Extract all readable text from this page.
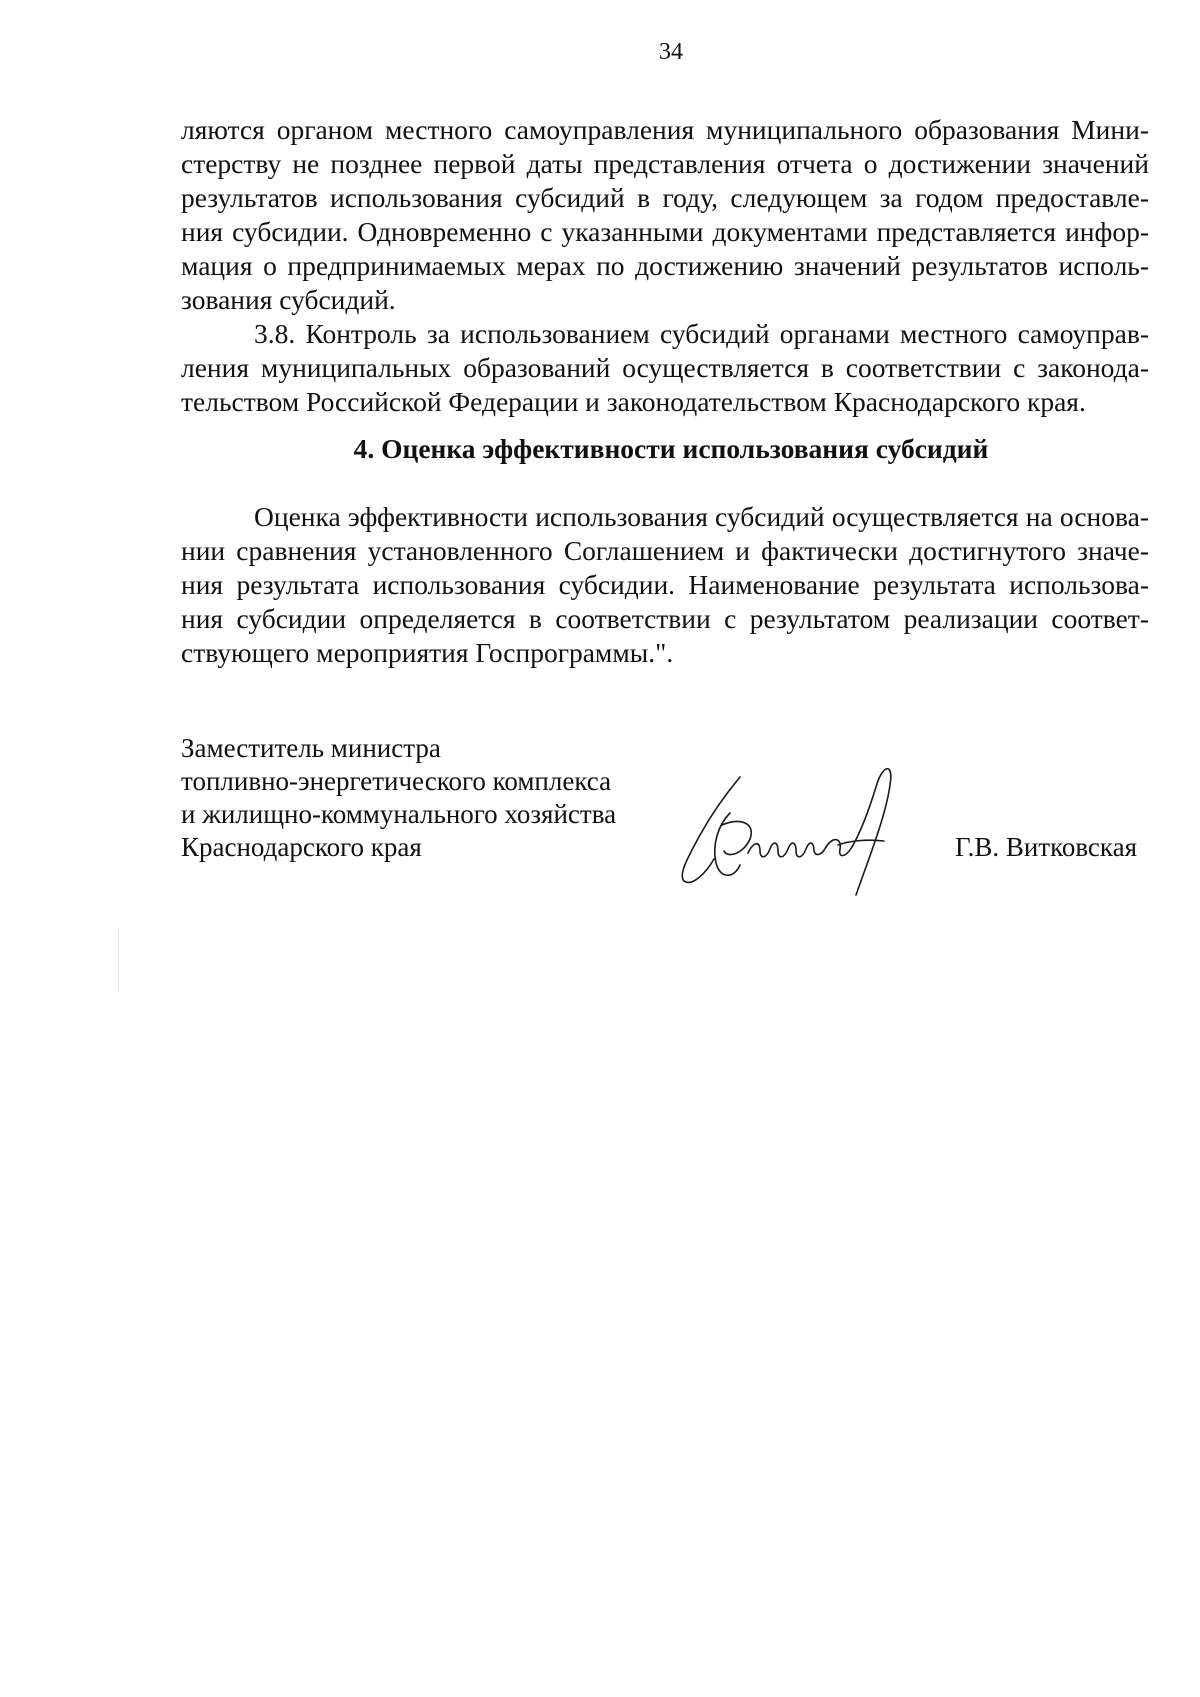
34
ляются органом местного самоуправления муниципального образования Мини-
стерству не позднее первой даты представления отчета о достижении значений
результатов использования субсидий в году, следующем за годом предоставле-
ния субсидии. Одновременно с указанными документами представляется инфор-
мация о предпринимаемых мерах по достижению значений результатов исполь-
зования субсидий.
3.8. Контроль за использованием субсидий органами местного самоуправ-
ления муниципальных образований осуществляется в соответствии с законода-
тельством Российской Федерации и законодательством Краснодарского края.
4. Оценка эффективности использования субсидий
Оценка эффективности использования субсидий осуществляется на основа-
нии сравнения установленного Соглашением и фактически достигнутого значе-
ния результата использования субсидии. Наименование результата использова-
ния субсидии определяется в соответствии с результатом реализации соответ-
ствующего мероприятия Госпрограммы.".
Заместитель министра
топливно-энергетического комплекса
и жилищно-коммунального хозяйства
Краснодарского края	Г.В. Витковская
